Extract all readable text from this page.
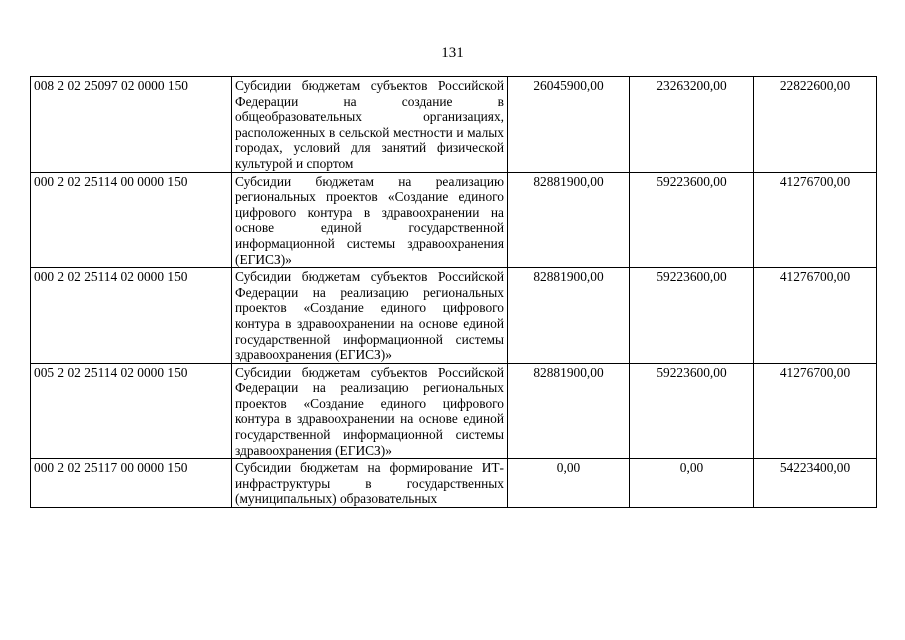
131
008 2 02 25097 02 0000 150	Субсидии бюджетам субъектов Российской Федерации на создание в общеобразовательных организациях, расположенных в сельской местности и малых городах, условий для занятий физической культурой и спортом	26045900,00	23263200,00	22822600,00
000 2 02 25114 00 0000 150	Субсидии бюджетам на реализацию региональных проектов «Создание единого цифрового контура в здравоохранении на основе единой государственной информационной системы здравоохранения (ЕГИСЗ)»	82881900,00	59223600,00	41276700,00
000 2 02 25114 02 0000 150	Субсидии бюджетам субъектов Российской Федерации на реализацию региональных проектов «Создание единого цифрового контура в здравоохранении на основе единой государственной информационной системы здравоохранения (ЕГИСЗ)»	82881900,00	59223600,00	41276700,00
005 2 02 25114 02 0000 150	Субсидии бюджетам субъектов Российской Федерации на реализацию региональных проектов «Создание единого цифрового контура в здравоохранении на основе единой государственной информационной системы здравоохранения (ЕГИСЗ)»	82881900,00	59223600,00	41276700,00
000 2 02 25117 00 0000 150	Субсидии бюджетам на формирование ИТ-инфраструктуры в государственных (муниципальных) образовательных	0,00	0,00	54223400,00
